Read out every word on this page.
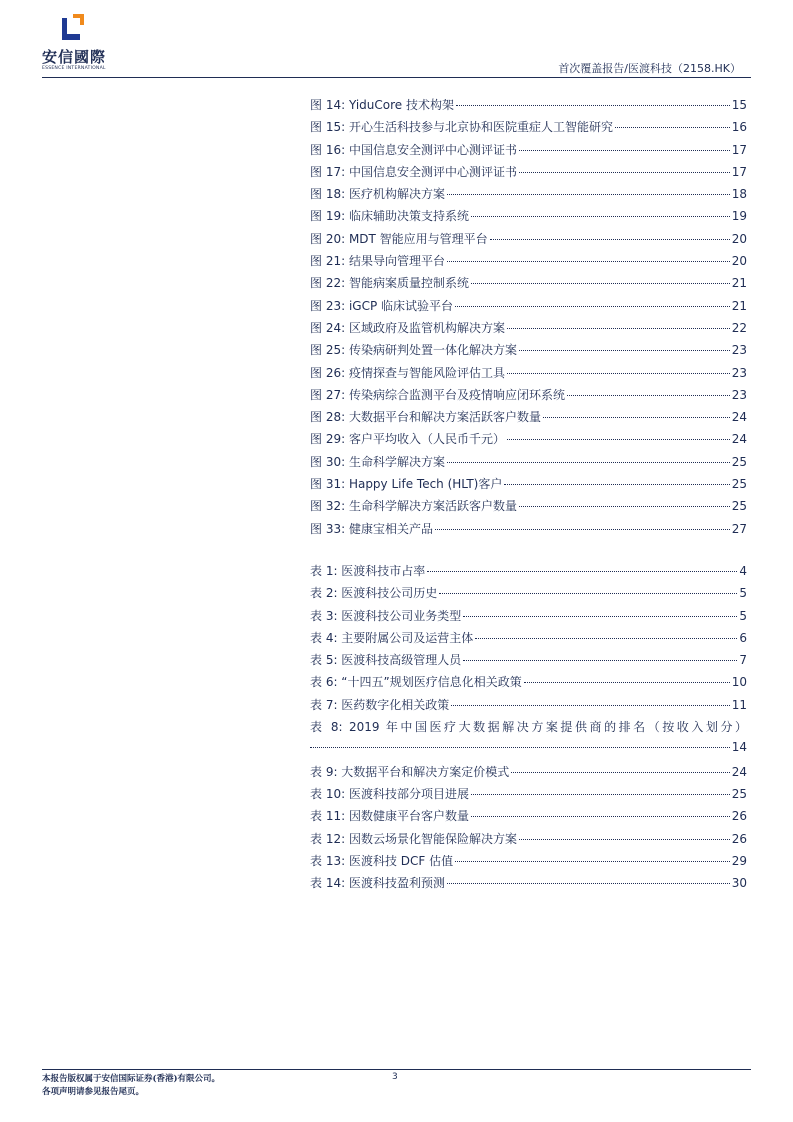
安信國際
ESSENCE INTERNATIONAL	首次覆盖报告/医渡科技（2158.HK）
图 14: YiduCore 技术构架	15
图 15: 开心生活科技参与北京协和医院重症人工智能研究	16
图 16: 中国信息安全测评中心测评证书	17
图 17: 中国信息安全测评中心测评证书	17
图 18: 医疗机构解决方案	18
图 19: 临床辅助决策支持系统	19
图 20: MDT 智能应用与管理平台	20
图 21: 结果导向管理平台	20
图 22: 智能病案质量控制系统	21
图 23: iGCP 临床试验平台	21
图 24: 区域政府及监管机构解决方案	22
图 25: 传染病研判处置一体化解决方案	23
图 26: 疫情探查与智能风险评估工具	23
图 27: 传染病综合监测平台及疫情响应闭环系统	23
图 28: 大数据平台和解决方案活跃客户数量	24
图 29: 客户平均收入（人民币千元）	24
图 30: 生命科学解决方案	25
图 31: Happy Life Tech (HLT)客户	25
图 32: 生命科学解决方案活跃客户数量	25
图 33: 健康宝相关产品	27
表 1: 医渡科技市占率	4
表 2: 医渡科技公司历史	5
表 3: 医渡科技公司业务类型	5
表 4: 主要附属公司及运营主体	6
表 5: 医渡科技高级管理人员	7
表 6: “十四五”规划医疗信息化相关政策	10
表 7: 医药数字化相关政策	11
表 8: 2019 年中国医疗大数据解决方案提供商的排名（按收入划分）
14
表 9: 大数据平台和解决方案定价模式	24
表 10: 医渡科技部分项目进展	25
表 11: 因数健康平台客户数量	26
表 12: 因数云场景化智能保险解决方案	26
表 13: 医渡科技 DCF 估值	29
表 14: 医渡科技盈利预测	30
本报告版权属于安信国际证券(香港)有限公司。
各项声明请参见报告尾页。
3
